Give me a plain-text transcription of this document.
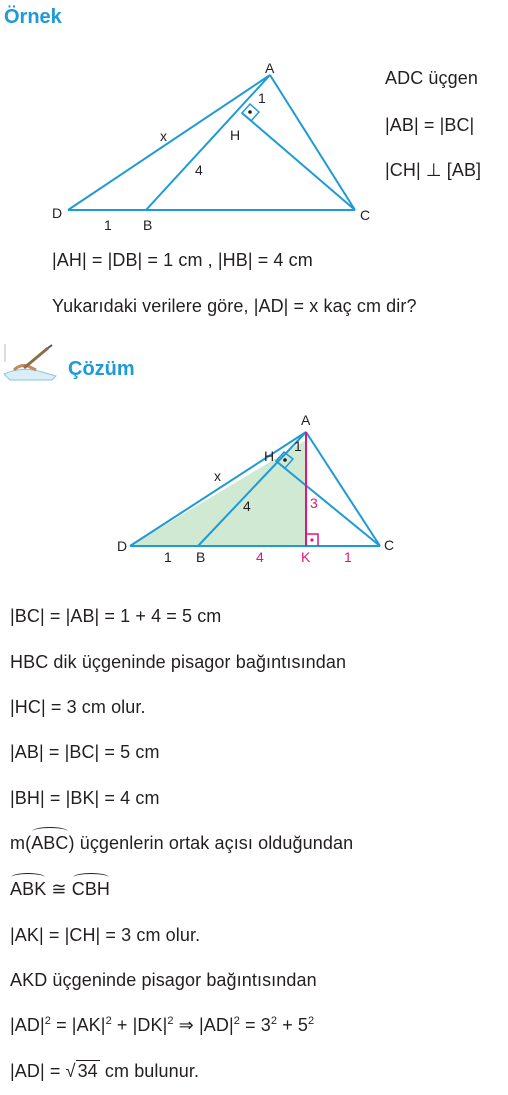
Örnek
A
H
C
D
B
x
1
4
1
ADC üçgen
|AB| = |BC|
|CH| ⊥ [AB]
|AH| = |DB| = 1 cm , |HB| = 4 cm
Yukarıdaki verilere göre, |AD| = x kaç cm dir?
Çözüm
A
H
C
D
B	K
x
1
4	3
1	4	1
|BC| = |AB| = 1 + 4 = 5 cm
HBC dik üçgeninde pisagor bağıntısından
|HC| = 3 cm olur.
|AB| = |BC| = 5 cm
|BH| = |BK| = 4 cm
m(ABC) üçgenlerin ortak açısı olduğundan
ABK ≅ CBH
|AK| = |CH| = 3 cm olur.
AKD üçgeninde pisagor bağıntısından
$|AD|^2 = |AK|^2 + |DK|^2$ ⇒ $|AD|^2 = 3^2 + 5^2$
|AD| = √ 34 cm bulunur.
